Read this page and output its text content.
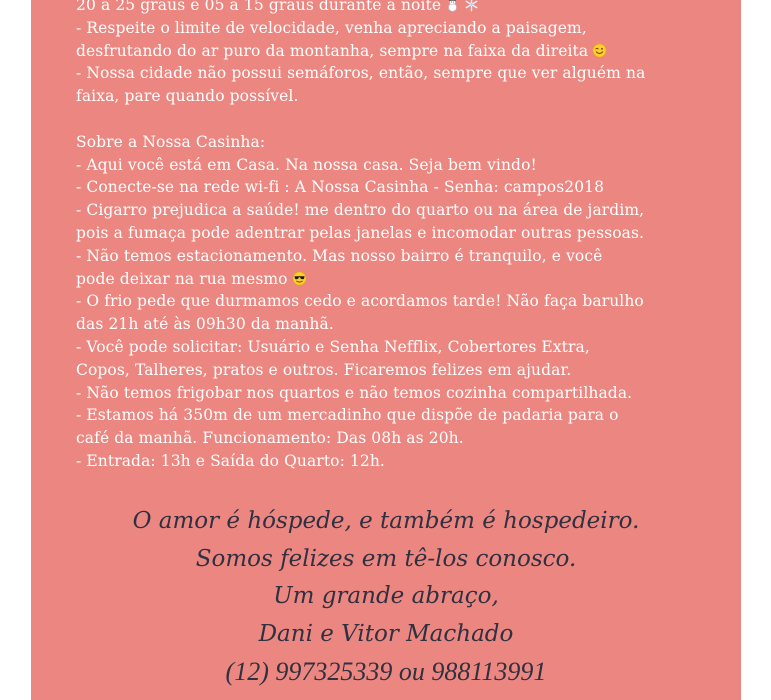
20 a 25 graus e 05 a 15 graus durante a noite
- Respeite o limite de velocidade, venha apreciando a paisagem,
desfrutando do ar puro da montanha, sempre na faixa da direita
- Nossa cidade não possui semáforos, então, sempre que ver alguém na
faixa, pare quando possível.
Sobre a Nossa Casinha:
- Aqui você está em Casa. Na nossa casa. Seja bem vindo!
- Conecte-se na rede wi-fi : A Nossa Casinha - Senha: campos2018
- Cigarro prejudica a saúde! me dentro do quarto ou na área de jardim,
pois a fumaça pode adentrar pelas janelas e incomodar outras pessoas.
- Não temos estacionamento. Mas nosso bairro é tranquilo, e você
pode deixar na rua mesmo
- O frio pede que durmamos cedo e acordamos tarde! Não faça barulho
das 21h até às 09h30 da manhã.
- Você pode solicitar: Usuário e Senha Nefflix, Cobertores Extra,
Copos, Talheres, pratos e outros. Ficaremos felizes em ajudar.
- Não temos frigobar nos quartos e não temos cozinha compartilhada.
- Estamos há 350m de um mercadinho que dispõe de padaria para o
café da manhã. Funcionamento: Das 08h as 20h.
- Entrada: 13h e Saída do Quarto: 12h.
O amor é hóspede, e também é hospedeiro.
Somos felizes em tê-los conosco.
Um grande abraço,
Dani e Vitor Machado
(12) 997325339 ou 988113991
